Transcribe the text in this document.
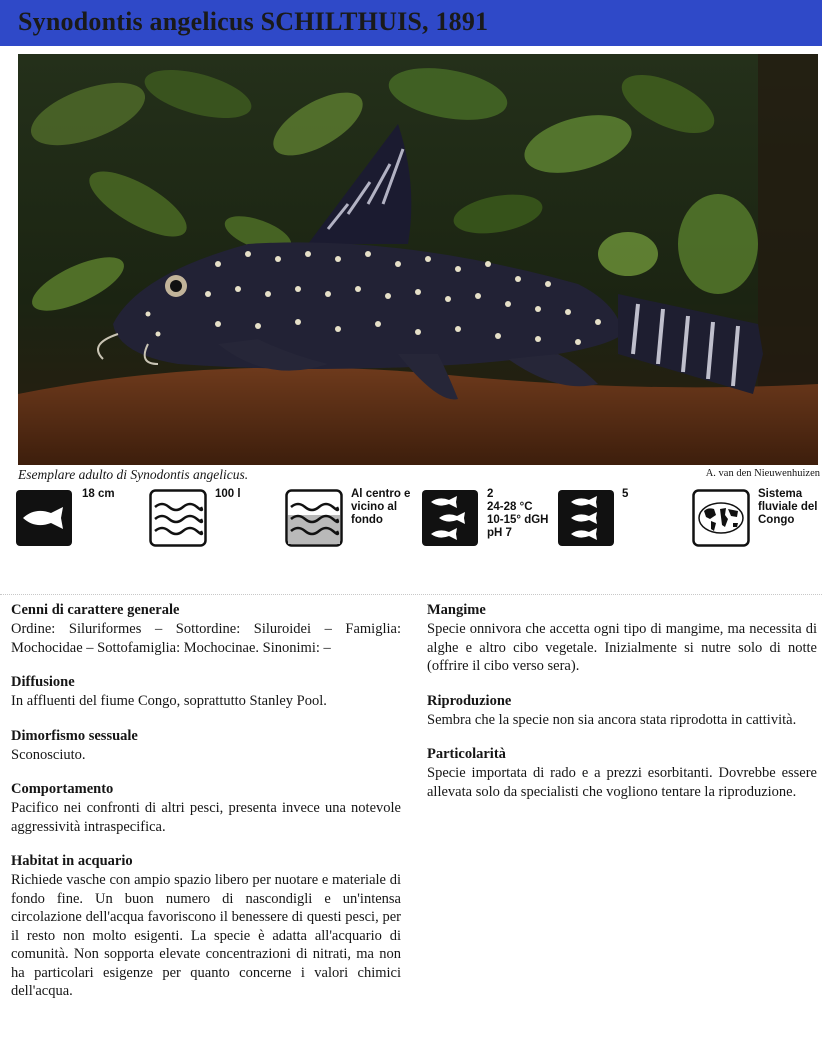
Synodontis angelicus SCHILTHUIS, 1891
Esemplare adulto di Synodontis angelicus.	A. van den Nieuwenhuizen
18 cm	100 l	Al centro e
vicino al
fondo
2
24-28 °C
10-15° dGH
pH 7
5	Sistema
fluviale del
Congo
Cenni di carattere generale

Ordine: Siluriformes – Sottordine: Siluroidei – Famiglia: Mochocidae – Sottofamiglia: Mochocinae. Sinonimi: –

Diffusione

In affluenti del fiume Congo, soprattutto Stanley Pool.

Dimorfismo sessuale

Sconosciuto.

Comportamento

Pacifico nei confronti di altri pesci, presenta invece una notevole aggressività intraspecifica.

Habitat in acquario

Richiede vasche con ampio spazio libero per nuotare e materiale di fondo fine. Un buon numero di nascondigli e un'intensa circolazione dell'acqua favoriscono il benessere di questi pesci, per il resto non molto esigenti. La specie è adatta all'acquario di comunità. Non sopporta elevate concentrazioni di nitrati, ma non ha particolari esigenze per quanto concerne i valori chimici dell'acqua.

Mangime

Specie onnivora che accetta ogni tipo di mangime, ma necessita di alghe e altro cibo vegetale. Inizialmente si nutre solo di notte (offrire il cibo verso sera).

Riproduzione

Sembra che la specie non sia ancora stata riprodotta in cattività.

Particolarità

Specie importata di rado e a prezzi esorbitanti. Dovrebbe essere allevata solo da specialisti che vogliono tentare la riproduzione.
